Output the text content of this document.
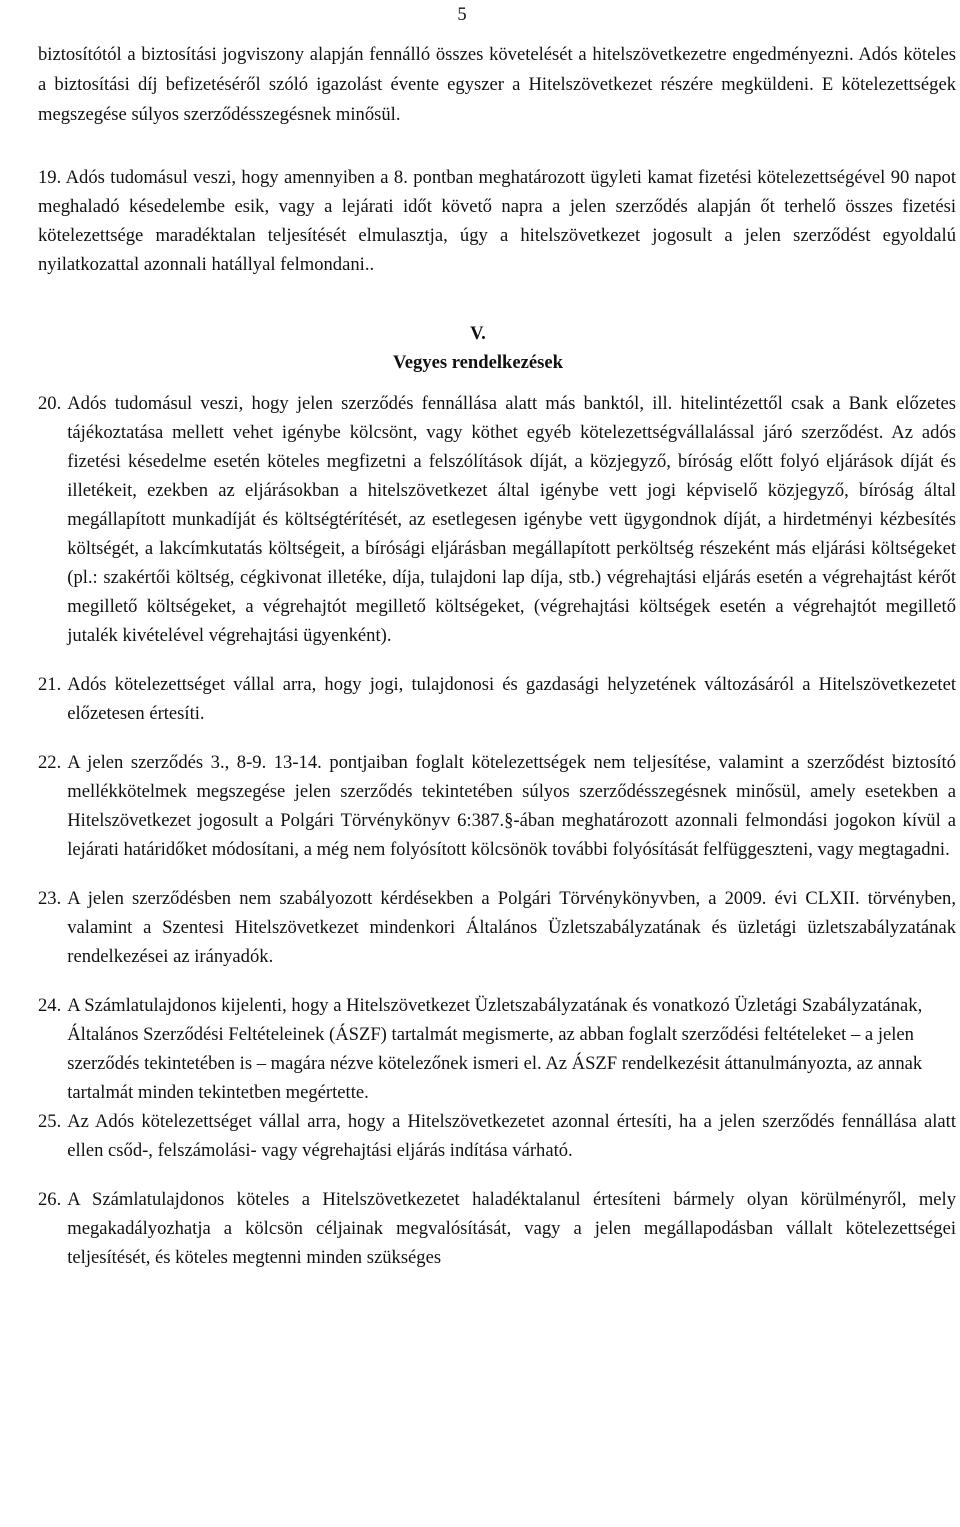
5

biztosítótól a biztosítási jogviszony alapján fennálló összes követelését a hitelszövetkezetre engedményezni. Adós köteles a biztosítási díj befizetéséről szóló igazolást évente egyszer a Hitelszövetkezet részére megküldeni. E kötelezettségek megszegése súlyos szerződésszegésnek minősül.

19. Adós tudomásul veszi, hogy amennyiben a 8. pontban meghatározott ügyleti kamat fizetési kötelezettségével 90 napot meghaladó késedelembe esik, vagy a lejárati időt követő napra a jelen szerződés alapján őt terhelő összes fizetési kötelezettsége maradéktalan teljesítését elmulasztja, úgy a hitelszövetkezet jogosult a jelen szerződést egyoldalú nyilatkozattal azonnali hatállyal felmondani..

V.
Vegyes rendelkezések
20. Adós tudomásul veszi, hogy jelen szerződés fennállása alatt más banktól, ill. hitelintézettől csak a Bank előzetes tájékoztatása mellett vehet igénybe kölcsönt, vagy köthet egyéb kötelezettségvállalással járó szerződést. Az adós fizetési késedelme esetén köteles megfizetni a felszólítások díját, a közjegyző, bíróság előtt folyó eljárások díját és illetékeit, ezekben az eljárásokban a hitelszövetkezet által igénybe vett jogi képviselő közjegyző, bíróság által megállapított munkadíját és költségtérítését, az esetlegesen igénybe vett ügygondnok díját, a hirdetményi kézbesítés költségét, a lakcímkutatás költségeit, a bírósági eljárásban megállapított perköltség részeként más eljárási költségeket (pl.: szakértői költség, cégkivonat illetéke, díja, tulajdoni lap díja, stb.) végrehajtási eljárás esetén a végrehajtást kérőt megillető költségeket, a végrehajtót megillető költségeket, (végrehajtási költségek esetén a végrehajtót megillető jutalék kivételével végrehajtási ügyenként).
21. Adós kötelezettséget vállal arra, hogy jogi, tulajdonosi és gazdasági helyzetének változásáról a Hitelszövetkezetet előzetesen értesíti.
22. A jelen szerződés 3., 8-9. 13-14. pontjaiban foglalt kötelezettségek nem teljesítése, valamint a szerződést biztosító mellékkötelmek megszegése jelen szerződés tekintetében súlyos szerződésszegésnek minősül, amely esetekben a Hitelszövetkezet jogosult a Polgári Törvénykönyv 6:387.§-ában meghatározott azonnali felmondási jogokon kívül a lejárati határidőket módosítani, a még nem folyósított kölcsönök további folyósítását felfüggeszteni, vagy megtagadni.
23. A jelen szerződésben nem szabályozott kérdésekben a Polgári Törvénykönyvben, a 2009. évi CLXII. törvényben, valamint a Szentesi Hitelszövetkezet mindenkori Általános Üzletszabályzatának és üzletági üzletszabályzatának rendelkezései az irányadók.
24. A Számlatulajdonos kijelenti, hogy a Hitelszövetkezet Üzletszabályzatának és vonatkozó Üzletági Szabályzatának, Általános Szerződési Feltételeinek (ÁSZF) tartalmát megismerte, az abban foglalt szerződési feltételeket – a jelen szerződés tekintetében is – magára nézve kötelezőnek ismeri el. Az ÁSZF rendelkezésit áttanulmányozta, az annak tartalmát minden tekintetben megértette.
25. Az Adós kötelezettséget vállal arra, hogy a Hitelszövetkezetet azonnal értesíti, ha a jelen szerződés fennállása alatt ellen csőd-, felszámolási- vagy végrehajtási eljárás indítása várható.
26. A Számlatulajdonos köteles a Hitelszövetkezetet haladéktalanul értesíteni bármely olyan körülményről, mely megakadályozhatja a kölcsön céljainak megvalósítását, vagy a jelen megállapodásban vállalt kötelezettségei teljesítését, és köteles megtenni minden szükséges
